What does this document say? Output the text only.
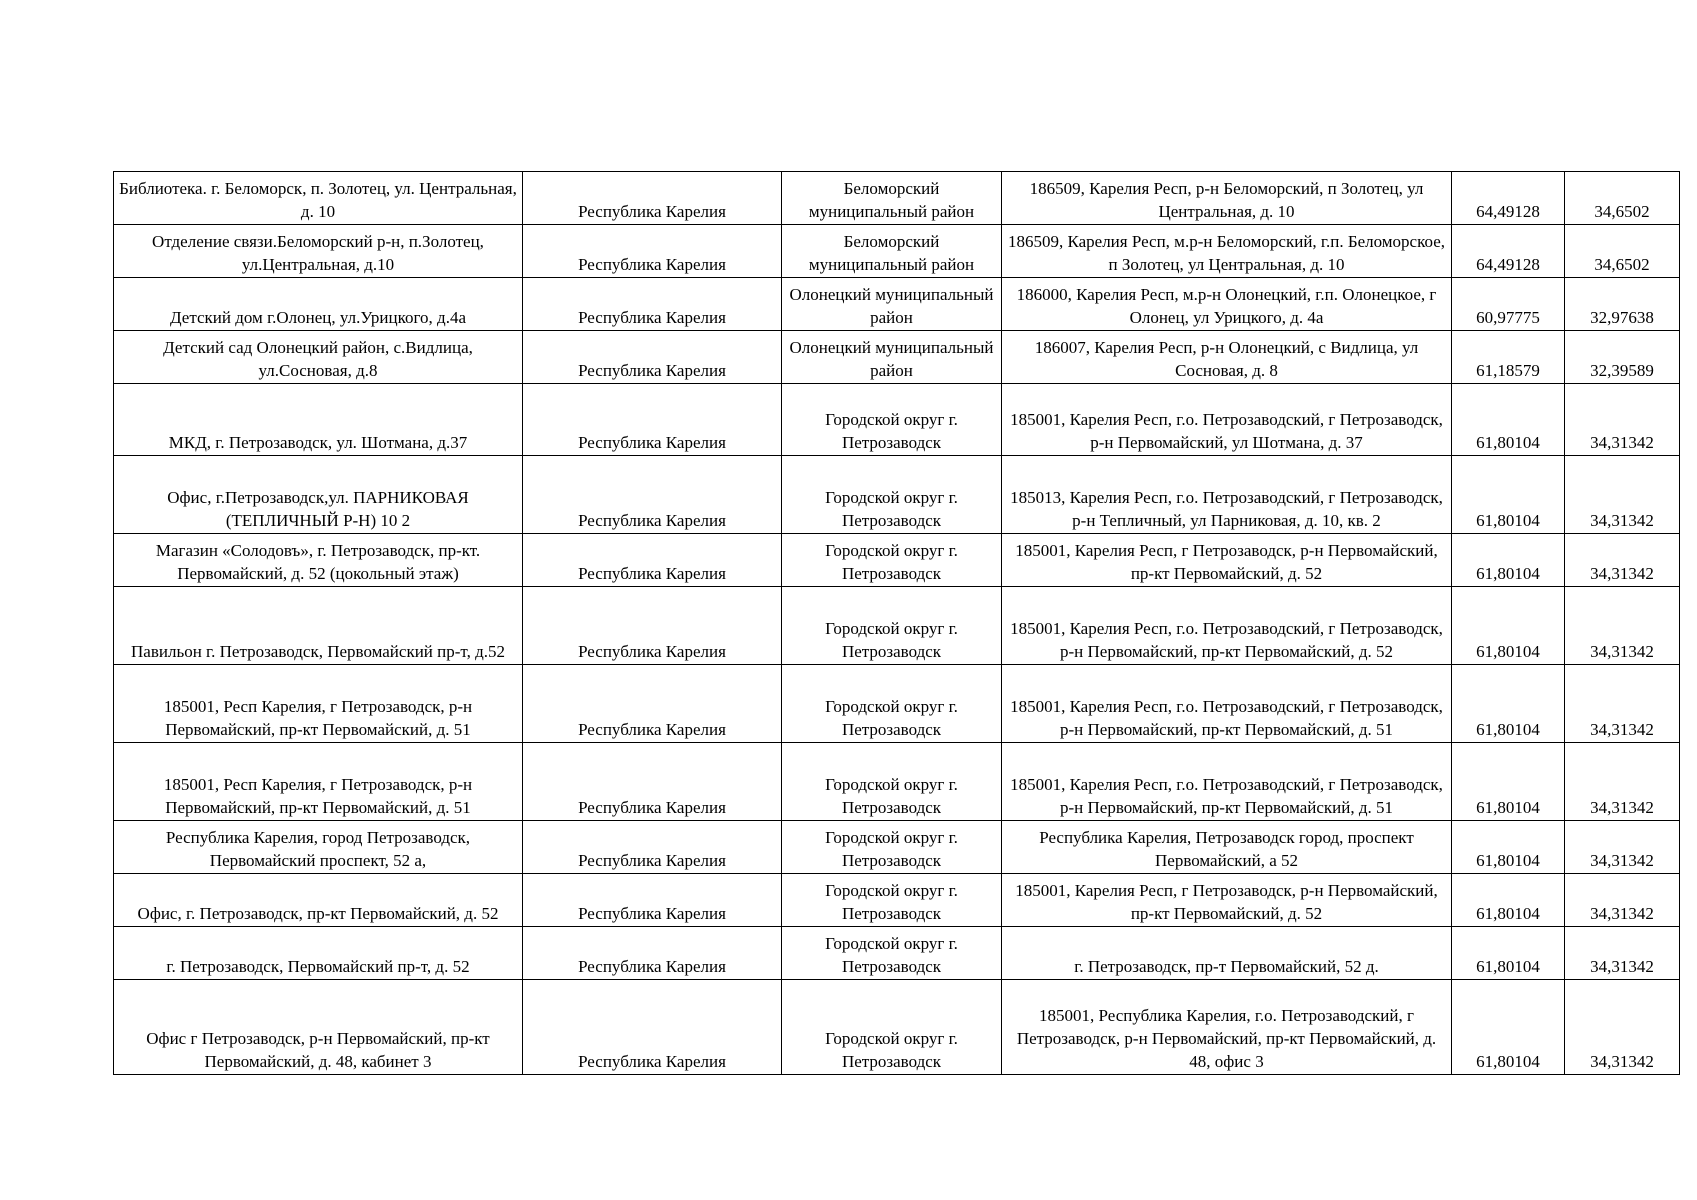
Библиотека. г. Беломорск, п. Золотец, ул. Центральная, д. 10	Республика Карелия	Беломорский муниципальный район	186509, Карелия Респ, р-н Беломорский, п Золотец, ул Центральная, д. 10	64,49128	34,6502
Отделение связи.Беломорский р-н, п.Золотец, ул.Центральная, д.10	Республика Карелия	Беломорский муниципальный район	186509, Карелия Респ, м.р-н Беломорский, г.п. Беломорское, п Золотец, ул Центральная, д. 10	64,49128	34,6502
Детский дом г.Олонец, ул.Урицкого, д.4а	Республика Карелия	Олонецкий муниципальный район	186000, Карелия Респ, м.р-н Олонецкий, г.п. Олонецкое, г Олонец, ул Урицкого, д. 4а	60,97775	32,97638
Детский сад Олонецкий район, с.Видлица, ул.Сосновая, д.8	Республика Карелия	Олонецкий муниципальный район	186007, Карелия Респ, р-н Олонецкий, с Видлица, ул Сосновая, д. 8	61,18579	32,39589
МКД, г. Петрозаводск, ул. Шотмана, д.37	Республика Карелия	Городской округ г. Петрозаводск	185001, Карелия Респ, г.о. Петрозаводский, г Петрозаводск, р-н Первомайский, ул Шотмана, д. 37	61,80104	34,31342
Офис, г.Петрозаводск,ул. ПАРНИКОВАЯ (ТЕПЛИЧНЫЙ Р-Н) 10 2	Республика Карелия	Городской округ г. Петрозаводск	185013, Карелия Респ, г.о. Петрозаводский, г Петрозаводск, р-н Тепличный, ул Парниковая, д. 10, кв. 2	61,80104	34,31342
Магазин «Солодовъ», г. Петрозаводск, пр-кт. Первомайский, д. 52 (цокольный этаж)	Республика Карелия	Городской округ г. Петрозаводск	185001, Карелия Респ, г Петрозаводск, р-н Первомайский, пр-кт Первомайский, д. 52	61,80104	34,31342
Павильон г. Петрозаводск, Первомайский пр-т, д.52	Республика Карелия	Городской округ г. Петрозаводск	185001, Карелия Респ, г.о. Петрозаводский, г Петрозаводск, р-н Первомайский, пр-кт Первомайский, д. 52	61,80104	34,31342
185001, Респ Карелия, г Петрозаводск, р-н Первомайский, пр-кт Первомайский, д. 51	Республика Карелия	Городской округ г. Петрозаводск	185001, Карелия Респ, г.о. Петрозаводский, г Петрозаводск, р-н Первомайский, пр-кт Первомайский, д. 51	61,80104	34,31342
185001, Респ Карелия, г Петрозаводск, р-н Первомайский, пр-кт Первомайский, д. 51	Республика Карелия	Городской округ г. Петрозаводск	185001, Карелия Респ, г.о. Петрозаводский, г Петрозаводск, р-н Первомайский, пр-кт Первомайский, д. 51	61,80104	34,31342
Республика Карелия, город Петрозаводск, Первомайский проспект, 52 а,	Республика Карелия	Городской округ г. Петрозаводск	Республика Карелия, Петрозаводск город, проспект Первомайский, а 52	61,80104	34,31342
Офис, г. Петрозаводск, пр-кт Первомайский, д. 52	Республика Карелия	Городской округ г. Петрозаводск	185001, Карелия Респ, г Петрозаводск, р-н Первомайский, пр-кт Первомайский, д. 52	61,80104	34,31342
г. Петрозаводск, Первомайский пр-т, д. 52	Республика Карелия	Городской округ г. Петрозаводск	г. Петрозаводск, пр-т Первомайский, 52 д.	61,80104	34,31342
Офис г Петрозаводск, р-н Первомайский, пр-кт Первомайский, д. 48, кабинет 3	Республика Карелия	Городской округ г. Петрозаводск	185001, Республика Карелия, г.о. Петрозаводский, г Петрозаводск, р-н Первомайский, пр-кт Первомайский, д. 48, офис 3	61,80104	34,31342
